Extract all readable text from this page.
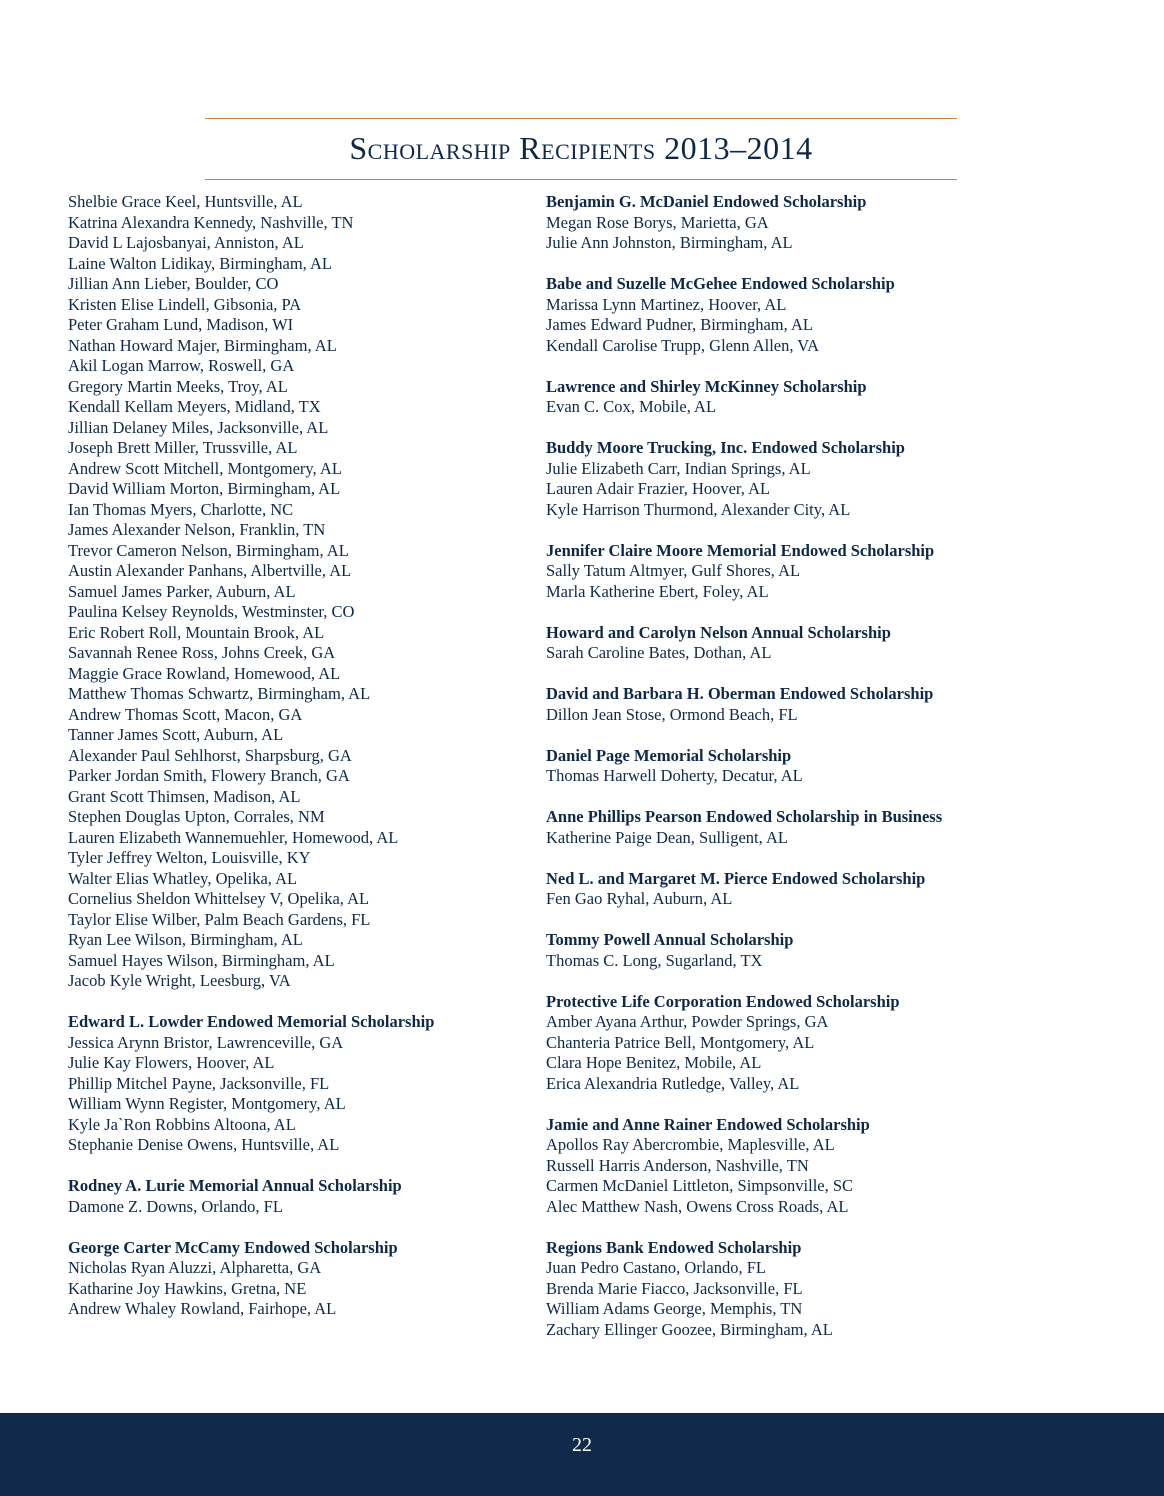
Scholarship Recipients 2013–2014
Shelbie Grace Keel, Huntsville, AL
Katrina Alexandra Kennedy, Nashville, TN
David L Lajosbanyai, Anniston, AL
Laine Walton Lidikay, Birmingham, AL
Jillian Ann Lieber, Boulder, CO
Kristen Elise Lindell, Gibsonia, PA
Peter Graham Lund, Madison, WI
Nathan Howard Majer, Birmingham, AL
Akil Logan Marrow, Roswell, GA
Gregory Martin Meeks, Troy, AL
Kendall Kellam Meyers, Midland, TX
Jillian Delaney Miles, Jacksonville, AL
Joseph Brett Miller, Trussville, AL
Andrew Scott Mitchell, Montgomery, AL
David William Morton, Birmingham, AL
Ian Thomas Myers, Charlotte, NC
James Alexander Nelson, Franklin, TN
Trevor Cameron Nelson, Birmingham, AL
Austin Alexander Panhans, Albertville, AL
Samuel James Parker, Auburn, AL
Paulina Kelsey Reynolds, Westminster, CO
Eric Robert Roll, Mountain Brook, AL
Savannah Renee Ross, Johns Creek, GA
Maggie Grace Rowland, Homewood, AL
Matthew Thomas Schwartz, Birmingham, AL
Andrew Thomas Scott, Macon, GA
Tanner James Scott, Auburn, AL
Alexander Paul Sehlhorst, Sharpsburg, GA
Parker Jordan Smith, Flowery Branch, GA
Grant Scott Thimsen, Madison, AL
Stephen Douglas Upton, Corrales, NM
Lauren Elizabeth Wannemuehler, Homewood, AL
Tyler Jeffrey Welton, Louisville, KY
Walter Elias Whatley, Opelika, AL
Cornelius Sheldon Whittelsey V, Opelika, AL
Taylor Elise Wilber, Palm Beach Gardens, FL
Ryan Lee Wilson, Birmingham, AL
Samuel Hayes Wilson, Birmingham, AL
Jacob Kyle Wright, Leesburg, VA
Edward L. Lowder Endowed Memorial Scholarship
Jessica Arynn Bristor, Lawrenceville, GA
Julie Kay Flowers, Hoover, AL
Phillip Mitchel Payne, Jacksonville, FL
William Wynn Register, Montgomery, AL
Kyle Ja`Ron Robbins Altoona, AL
Stephanie Denise Owens, Huntsville, AL
Rodney A. Lurie Memorial Annual Scholarship
Damone Z. Downs, Orlando, FL
George Carter McCamy Endowed Scholarship
Nicholas Ryan Aluzzi, Alpharetta, GA
Katharine Joy Hawkins, Gretna, NE
Andrew Whaley Rowland, Fairhope, AL
Benjamin G. McDaniel Endowed Scholarship
Megan Rose Borys, Marietta, GA
Julie Ann Johnston, Birmingham, AL
Babe and Suzelle McGehee Endowed Scholarship
Marissa Lynn Martinez, Hoover, AL
James Edward Pudner, Birmingham, AL
Kendall Carolise Trupp, Glenn Allen, VA
Lawrence and Shirley McKinney Scholarship
Evan C. Cox, Mobile, AL
Buddy Moore Trucking, Inc. Endowed Scholarship
Julie Elizabeth Carr, Indian Springs, AL
Lauren Adair Frazier, Hoover, AL
Kyle Harrison Thurmond, Alexander City, AL
Jennifer Claire Moore Memorial Endowed Scholarship
Sally Tatum Altmyer, Gulf Shores, AL
Marla Katherine Ebert, Foley, AL
Howard and Carolyn Nelson Annual Scholarship
Sarah Caroline Bates, Dothan, AL
David and Barbara H. Oberman Endowed Scholarship
Dillon Jean Stose, Ormond Beach, FL
Daniel Page Memorial Scholarship
Thomas Harwell Doherty, Decatur, AL
Anne Phillips Pearson Endowed Scholarship in Business
Katherine Paige Dean, Sulligent, AL
Ned L. and Margaret M. Pierce Endowed Scholarship
Fen Gao Ryhal, Auburn, AL
Tommy Powell Annual Scholarship
Thomas C. Long, Sugarland, TX
Protective Life Corporation Endowed Scholarship
Amber Ayana Arthur, Powder Springs, GA
Chanteria Patrice Bell, Montgomery, AL
Clara Hope Benitez, Mobile, AL
Erica Alexandria Rutledge, Valley, AL
Jamie and Anne Rainer Endowed Scholarship
Apollos Ray Abercrombie, Maplesville, AL
Russell Harris Anderson, Nashville, TN
Carmen McDaniel Littleton, Simpsonville, SC
Alec Matthew Nash, Owens Cross Roads, AL
Regions Bank Endowed Scholarship
Juan Pedro Castano, Orlando, FL
Brenda Marie Fiacco, Jacksonville, FL
William Adams George, Memphis, TN
Zachary Ellinger Goozee, Birmingham, AL
22
